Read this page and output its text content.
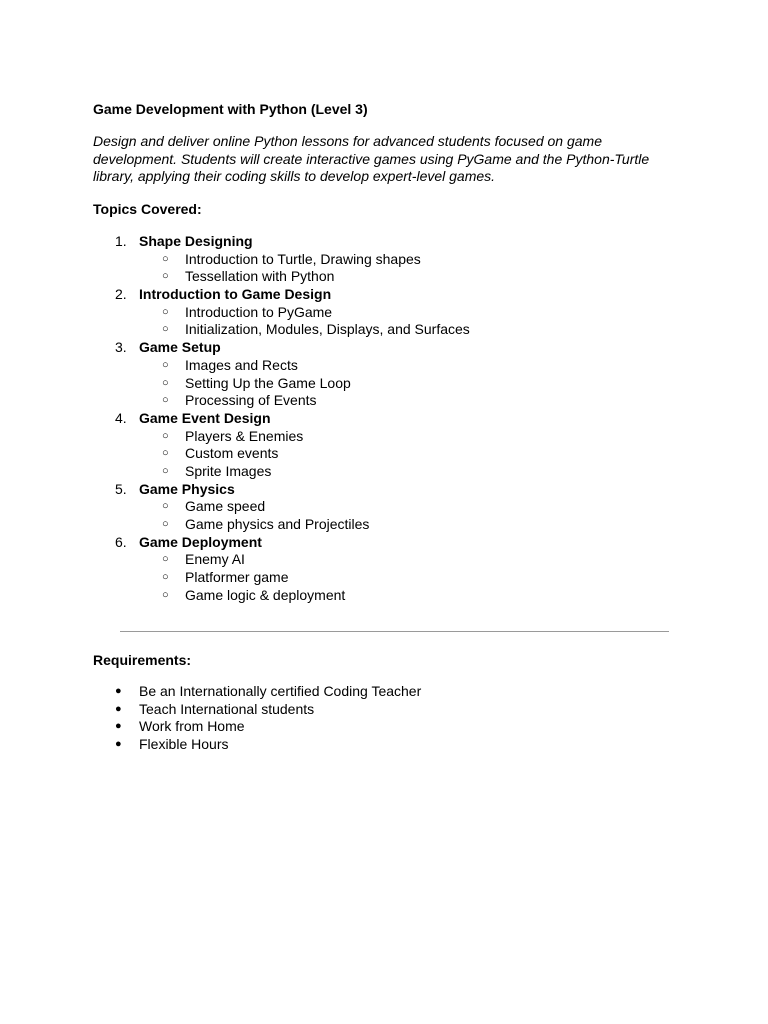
Game Development with Python (Level 3)

Design and deliver online Python lessons for advanced students focused on game development. Students will create interactive games using PyGame and the Python-Turtle library, applying their coding skills to develop expert-level games.

Topics Covered:

1. Shape Designing
○ Introduction to Turtle, Drawing shapes
○ Tessellation with Python
2. Introduction to Game Design
○ Introduction to PyGame
○ Initialization, Modules, Displays, and Surfaces
3. Game Setup
○ Images and Rects
○ Setting Up the Game Loop
○ Processing of Events
4. Game Event Design
○ Players & Enemies
○ Custom events
○ Sprite Images
5. Game Physics
○ Game speed
○ Game physics and Projectiles
6. Game Deployment
○ Enemy AI
○ Platformer game
○ Game logic & deployment

Requirements:

● Be an Internationally certified Coding Teacher
● Teach International students
● Work from Home
● Flexible Hours
